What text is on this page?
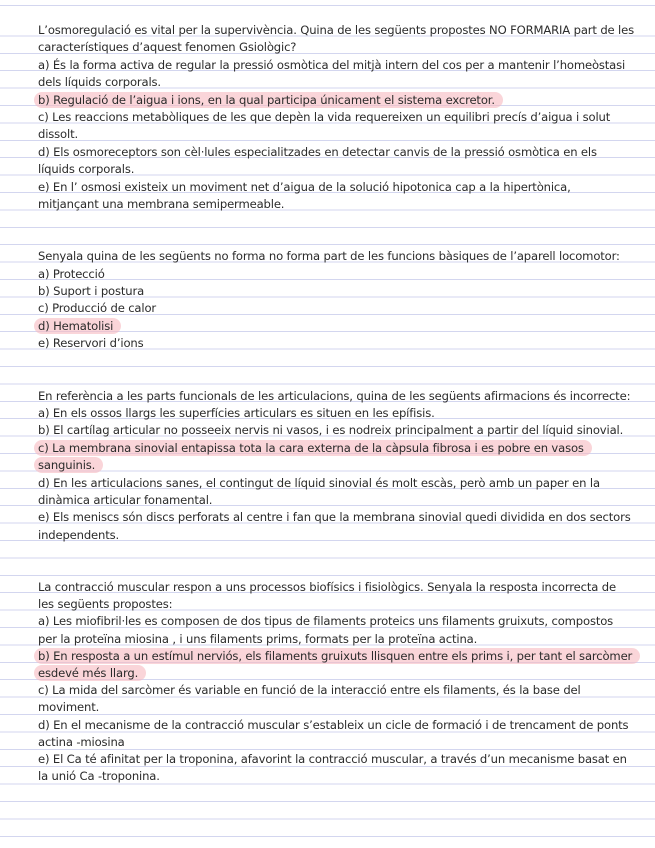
L’osmoregulació es vital per la supervivència. Quina de les següents propostes NO FORMARIA part de les característiques d’aquest fenomen Gsiològic?

a) És la forma activa de regular la pressió osmòtica del mitjà intern del cos per a mantenir l’homeòstasi dels líquids corporals.

b) Regulació de l’aigua i ions, en la qual participa únicament el sistema excretor.

c) Les reaccions metabòliques de les que depèn la vida requereixen un equilibri precís d’aigua i solut dissolt.

d) Els osmoreceptors son cèl·lules especialitzades en detectar canvis de la pressió osmòtica en els líquids corporals.

e) En l’ osmosi existeix un moviment net d’aigua de la solució hipotonica cap a la hipertònica, mitjançant una membrana semipermeable.

Senyala quina de les següents no forma no forma part de les funcions bàsiques de l’aparell locomotor:

a) Protecció

b) Suport i postura

c) Producció de calor

d) Hematolisi

e) Reservori d’ions

En referència a les parts funcionals de les articulacions, quina de les següents afirmacions és incorrecte:

a) En els ossos llargs les superfícies articulars es situen en les epífisis.

b) El cartílag articular no posseeix nervis ni vasos, i es nodreix principalment a partir del líquid sinovial.

c) La membrana sinovial entapissa tota la cara externa de la càpsula fibrosa i es pobre en vasos sanguinis.

d) En les articulacions sanes, el contingut de líquid sinovial és molt escàs, però amb un paper en la dinàmica articular fonamental.

e) Els meniscs són discs perforats al centre i fan que la membrana sinovial quedi dividida en dos sectors independents.

La contracció muscular respon a uns processos biofísics i fisiològics. Senyala la resposta incorrecta de les següents propostes:

a) Les miofibril·les es composen de dos tipus de filaments proteics uns filaments gruixuts, compostos per la proteïna miosina , i uns filaments prims, formats per la proteïna actina.

b) En resposta a un estímul nerviós, els filaments gruixuts llisquen entre els prims i, per tant el sarcòmer esdevé més llarg.

c) La mida del sarcòmer és variable en funció de la interacció entre els filaments, és la base del moviment.

d) En el mecanisme de la contracció muscular s’estableix un cicle de formació i de trencament de ponts actina -miosina

e) El Ca té afinitat per la troponina, afavorint la contracció muscular, a través d’un mecanisme basat en la unió Ca -troponina.
